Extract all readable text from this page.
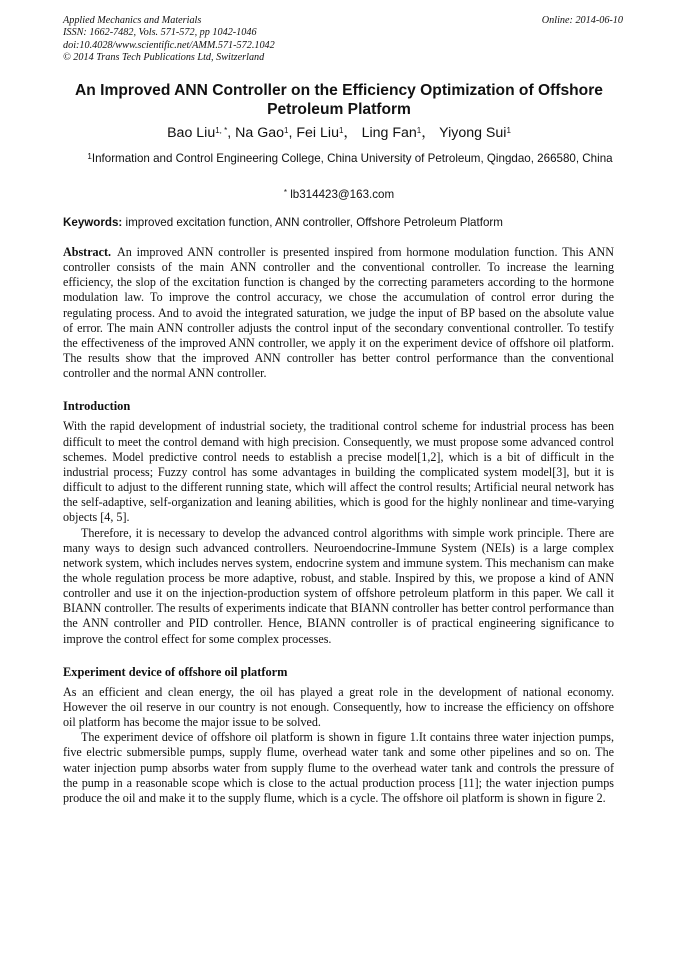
Applied Mechanics and Materials
ISSN: 1662-7482, Vols. 571-572, pp 1042-1046
doi:10.4028/www.scientific.net/AMM.571-572.1042
© 2014 Trans Tech Publications Ltd, Switzerland
Online: 2014-06-10
An Improved ANN Controller on the Efficiency Optimization of Offshore Petroleum Platform
Bao Liu$^{1, *}$, Na Gao$^1$, Fei Liu$^1$， Ling Fan$^1$， Yiyong Sui$^1$
$^1$Information and Control Engineering College, China University of Petroleum, Qingdao, 266580, China
* lb314423@163.com
Keywords: improved excitation function, ANN controller, Offshore Petroleum Platform

Abstract. An improved ANN controller is presented inspired from hormone modulation function. This ANN controller consists of the main ANN controller and the conventional controller. To increase the learning efficiency, the slop of the excitation function is changed by the correcting parameters according to the hormone modulation law. To improve the control accuracy, we chose the accumulation of control error during the regulating process. And to avoid the integrated saturation, we judge the input of BP based on the absolute value of error. The main ANN controller adjusts the control input of the secondary conventional controller. To testify the effectiveness of the improved ANN controller, we apply it on the experiment device of offshore oil platform. The results show that the improved ANN controller has better control performance than the conventional controller and the normal ANN controller.

Introduction

With the rapid development of industrial society, the traditional control scheme for industrial process has been difficult to meet the control demand with high precision. Consequently, we must propose some advanced control schemes. Model predictive control needs to establish a precise model[1,2], which is a bit of difficult in the industrial process; Fuzzy control has some advantages in building the complicated system model[3], but it is difficult to adjust to the different running state, which will affect the control results; Artificial neural network has the self-adaptive, self-organization and leaning abilities, which is good for the highly nonlinear and time-varying objects [4, 5].

Therefore, it is necessary to develop the advanced control algorithms with simple work principle. There are many ways to design such advanced controllers. Neuroendocrine-Immune System (NEIs) is a large complex network system, which includes nerves system, endocrine system and immune system. This mechanism can make the whole regulation process be more adaptive, robust, and stable. Inspired by this, we propose a kind of ANN controller and use it on the injection-production system of offshore petroleum platform in this paper. We call it BIANN controller. The results of experiments indicate that BIANN controller has better control performance than the ANN controller and PID controller. Hence, BIANN controller is of practical engineering significance to improve the control effect for some complex processes.

Experiment device of offshore oil platform

As an efficient and clean energy, the oil has played a great role in the development of national economy. However the oil reserve in our country is not enough. Consequently, how to increase the efficiency on offshore oil platform has become the major issue to be solved.

The experiment device of offshore oil platform is shown in figure 1.It contains three water injection pumps, five electric submersible pumps, supply flume, overhead water tank and some other pipelines and so on. The water injection pump absorbs water from supply flume to the overhead water tank and controls the pressure of the pump in a reasonable scope which is close to the actual production process [11]; the water injection pumps produce the oil and make it to the supply flume, which is a cycle. The offshore oil platform is shown in figure 2.
